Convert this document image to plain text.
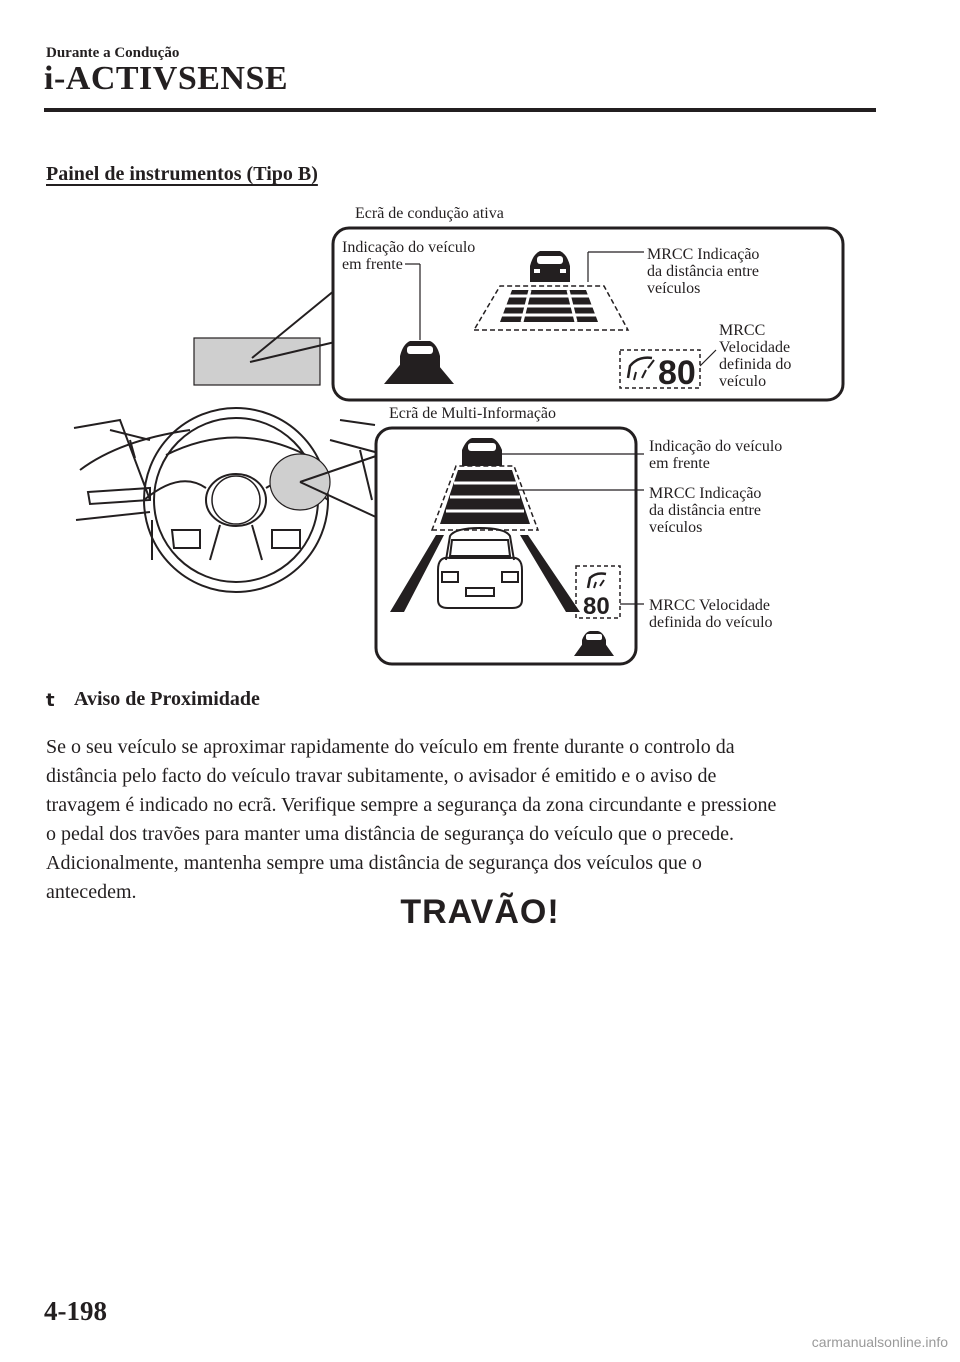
Durante a Condução
i-ACTIVSENSE
Painel de instrumentos (Tipo B)
80
80
Ecrã de condução ativa
Indicação do veículo
em frente
MRCC Indicação
da distância entre
veículos
MRCC
Velocidade
definida do
veículo
Ecrã de Multi-Informação
Indicação do veículo
em frente
MRCC Indicação
da distância entre
veículos
MRCC Velocidade
definida do veículo
t Aviso de Proximidade
Se o seu veículo se aproximar rapidamente do veículo em frente durante o controlo da
distância pelo facto do veículo travar subitamente, o avisador é emitido e o aviso de
travagem é indicado no ecrã. Verifique sempre a segurança da zona circundante e pressione
o pedal dos travões para manter uma distância de segurança do veículo que o precede.
Adicionalmente, mantenha sempre uma distância de segurança dos veículos que o
antecedem.
TRAVÃO!
4-198
carmanualsonline.info
